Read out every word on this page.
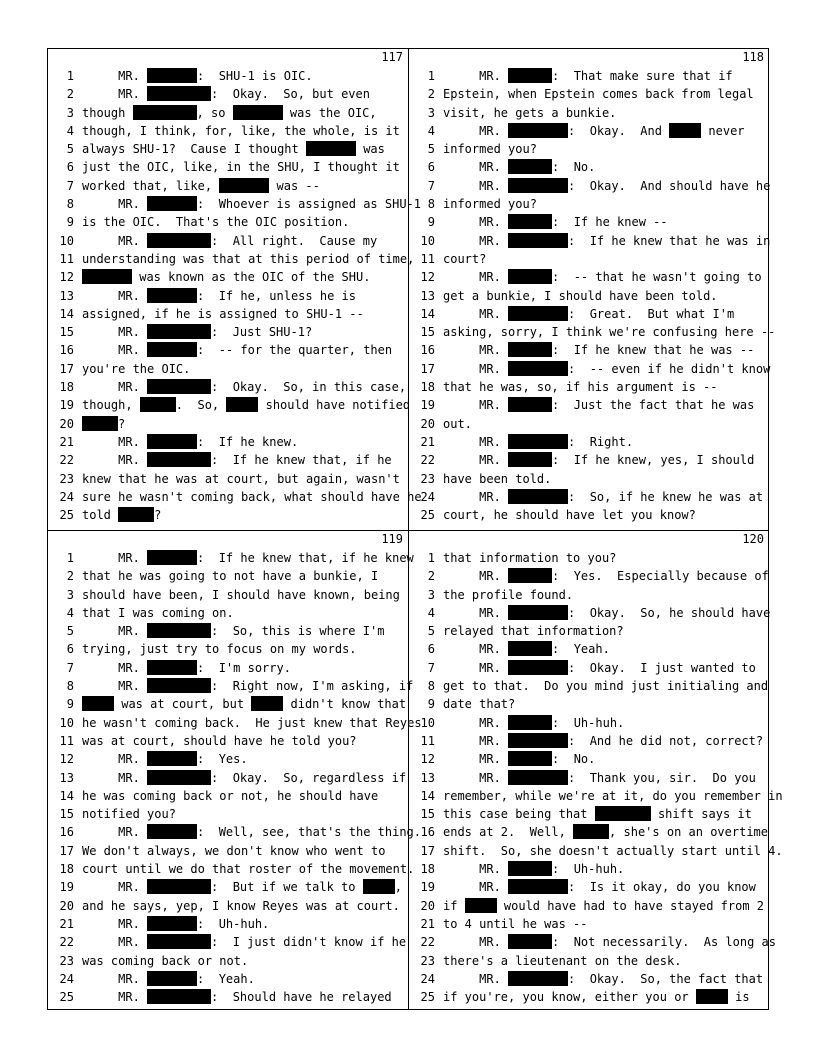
117
1     MR.	:  SHU-1 is OIC.
2     MR.	:  Okay.  So, but even
3 though	, so	was the OIC,
4 though, I think, for, like, the whole, is it
5 always SHU-1?  Cause I thought	was
6 just the OIC, like, in the SHU, I thought it
7 worked that, like,	was --
8     MR.	:  Whoever is assigned as SHU-1
9 is the OIC.  That's the OIC position.
10     MR.	:  All right.  Cause my
11 understanding was that at this period of time,
12	was known as the OIC of the SHU.
13     MR.	:  If he, unless he is
14 assigned, if he is assigned to SHU-1 --
15     MR.	:  Just SHU-1?
16     MR.	:  -- for the quarter, then
17 you're the OIC.
18     MR.	:  Okay.  So, in this case,
19 though,	.  So,	should have notified
20	?
21     MR.	:  If he knew.
22     MR.	:  If he knew that, if he
23 knew that he was at court, but again, wasn't
24 sure he wasn't coming back, what should have he
25 told	?
118
1     MR.	:  That make sure that if
2 Epstein, when Epstein comes back from legal
3 visit, he gets a bunkie.
4     MR.	:  Okay.  And	never
5 informed you?
6     MR.	:  No.
7     MR.	:  Okay.  And should have he
8 informed you?
9     MR.	:  If he knew --
10     MR.	:  If he knew that he was in
11 court?
12     MR.	:  -- that he wasn't going to
13 get a bunkie, I should have been told.
14     MR.	:  Great.  But what I'm
15 asking, sorry, I think we're confusing here --
16     MR.	:  If he knew that he was --
17     MR.	:  -- even if he didn't know
18 that he was, so, if his argument is --
19     MR.	:  Just the fact that he was
20 out.
21     MR.	:  Right.
22     MR.	:  If he knew, yes, I should
23 have been told.
24     MR.	:  So, if he knew he was at
25 court, he should have let you know?
119
1     MR.	:  If he knew that, if he knew
2 that he was going to not have a bunkie, I
3 should have been, I should have known, being
4 that I was coming on.
5     MR.	:  So, this is where I'm
6 trying, just try to focus on my words.
7     MR.	:  I'm sorry.
8     MR.	:  Right now, I'm asking, if
9	was at court, but	didn't know that
10 he wasn't coming back.  He just knew that Reyes
11 was at court, should have he told you?
12     MR.	:  Yes.
13     MR.	:  Okay.  So, regardless if
14 he was coming back or not, he should have
15 notified you?
16     MR.	:  Well, see, that's the thing.
17 We don't always, we don't know who went to
18 court until we do that roster of the movement.
19     MR.	:  But if we talk to	,
20 and he says, yep, I know Reyes was at court.
21     MR.	:  Uh-huh.
22     MR.	:  I just didn't know if he
23 was coming back or not.
24     MR.	:  Yeah.
25     MR.	:  Should have he relayed
120
1 that information to you?
2     MR.	:  Yes.  Especially because of
3 the profile found.
4     MR.	:  Okay.  So, he should have
5 relayed that information?
6     MR.	:  Yeah.
7     MR.	:  Okay.  I just wanted to
8 get to that.  Do you mind just initialing and
9 date that?
10     MR.	:  Uh-huh.
11     MR.	:  And he did not, correct?
12     MR.	:  No.
13     MR.	:  Thank you, sir.  Do you
14 remember, while we're at it, do you remember in
15 this case being that	shift says it
16 ends at 2.  Well,	, she's on an overtime
17 shift.  So, she doesn't actually start until 4.
18     MR.	:  Uh-huh.
19     MR.	:  Is it okay, do you know
20 if	would have had to have stayed from 2
21 to 4 until he was --
22     MR.	:  Not necessarily.  As long as
23 there's a lieutenant on the desk.
24     MR.	:  Okay.  So, the fact that
25 if you're, you know, either you or	is
